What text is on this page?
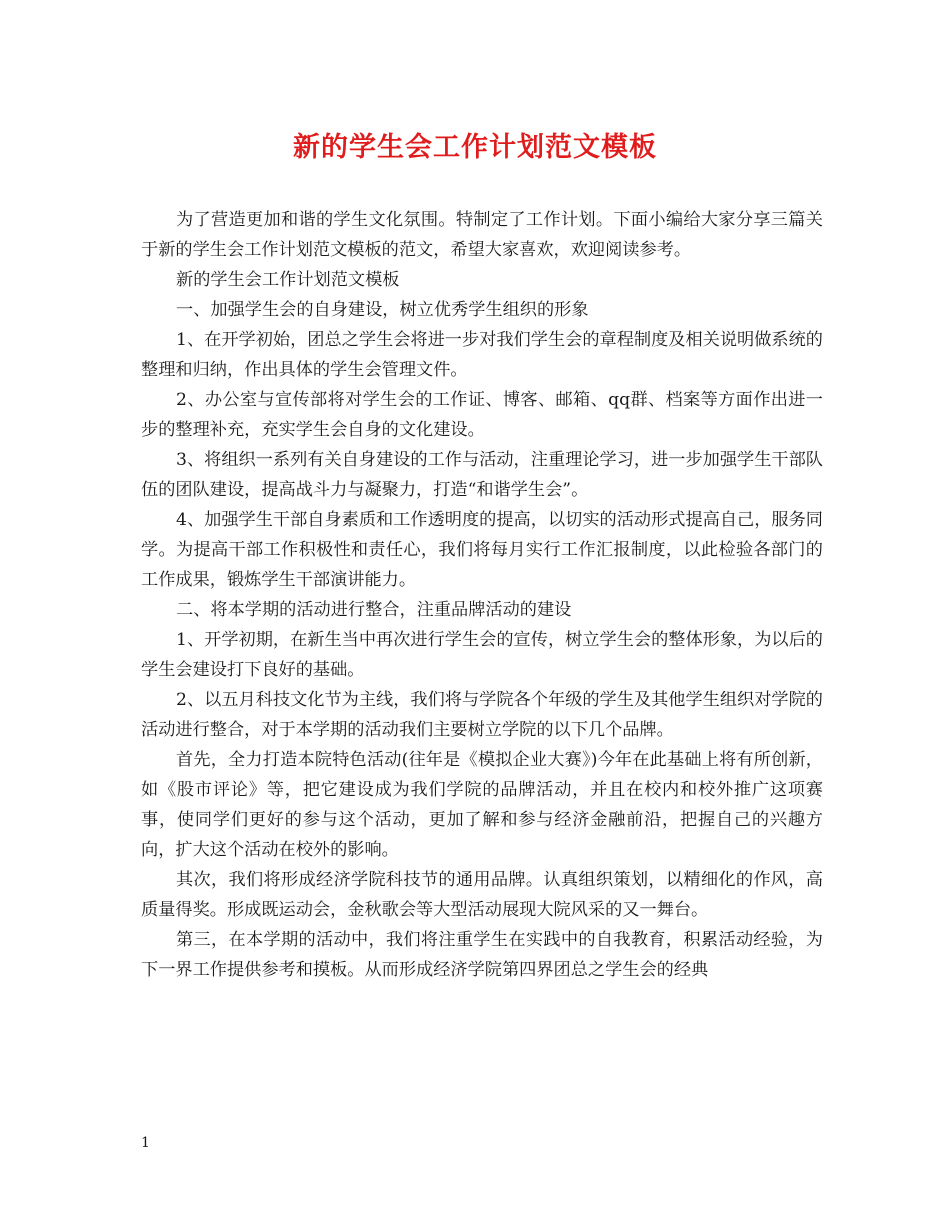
新的学生会工作计划范文模板

为了营造更加和谐的学生文化氛围。特制定了工作计划。下面小编给大家分享三篇关于新的学生会工作计划范文模板的范文，希望大家喜欢，欢迎阅读参考。

新的学生会工作计划范文模板

一、加强学生会的自身建设，树立优秀学生组织的形象

1、在开学初始，团总之学生会将进一步对我们学生会的章程制度及相关说明做系统的整理和归纳，作出具体的学生会管理文件。

2、办公室与宣传部将对学生会的工作证、博客、邮箱、qq群、档案等方面作出进一步的整理补充，充实学生会自身的文化建设。

3、将组织一系列有关自身建设的工作与活动，注重理论学习，进一步加强学生干部队伍的团队建设，提高战斗力与凝聚力，打造“和谐学生会”。

4、加强学生干部自身素质和工作透明度的提高，以切实的活动形式提高自己，服务同学。为提高干部工作积极性和责任心，我们将每月实行工作汇报制度，以此检验各部门的工作成果，锻炼学生干部演讲能力。

二、将本学期的活动进行整合，注重品牌活动的建设

1、开学初期，在新生当中再次进行学生会的宣传，树立学生会的整体形象，为以后的学生会建设打下良好的基础。

2、以五月科技文化节为主线，我们将与学院各个年级的学生及其他学生组织对学院的活动进行整合，对于本学期的活动我们主要树立学院的以下几个品牌。

首先，全力打造本院特色活动(往年是《模拟企业大赛》)今年在此基础上将有所创新，如《股市评论》等，把它建设成为我们学院的品牌活动，并且在校内和校外推广这项赛事，使同学们更好的参与这个活动，更加了解和参与经济金融前沿，把握自己的兴趣方向，扩大这个活动在校外的影响。

其次，我们将形成经济学院科技节的通用品牌。认真组织策划，以精细化的作风，高质量得奖。形成既运动会，金秋歌会等大型活动展现大院风采的又一舞台。

第三，在本学期的活动中，我们将注重学生在实践中的自我教育，积累活动经验，为下一界工作提供参考和摸板。从而形成经济学院第四界团总之学生会的经典

1
